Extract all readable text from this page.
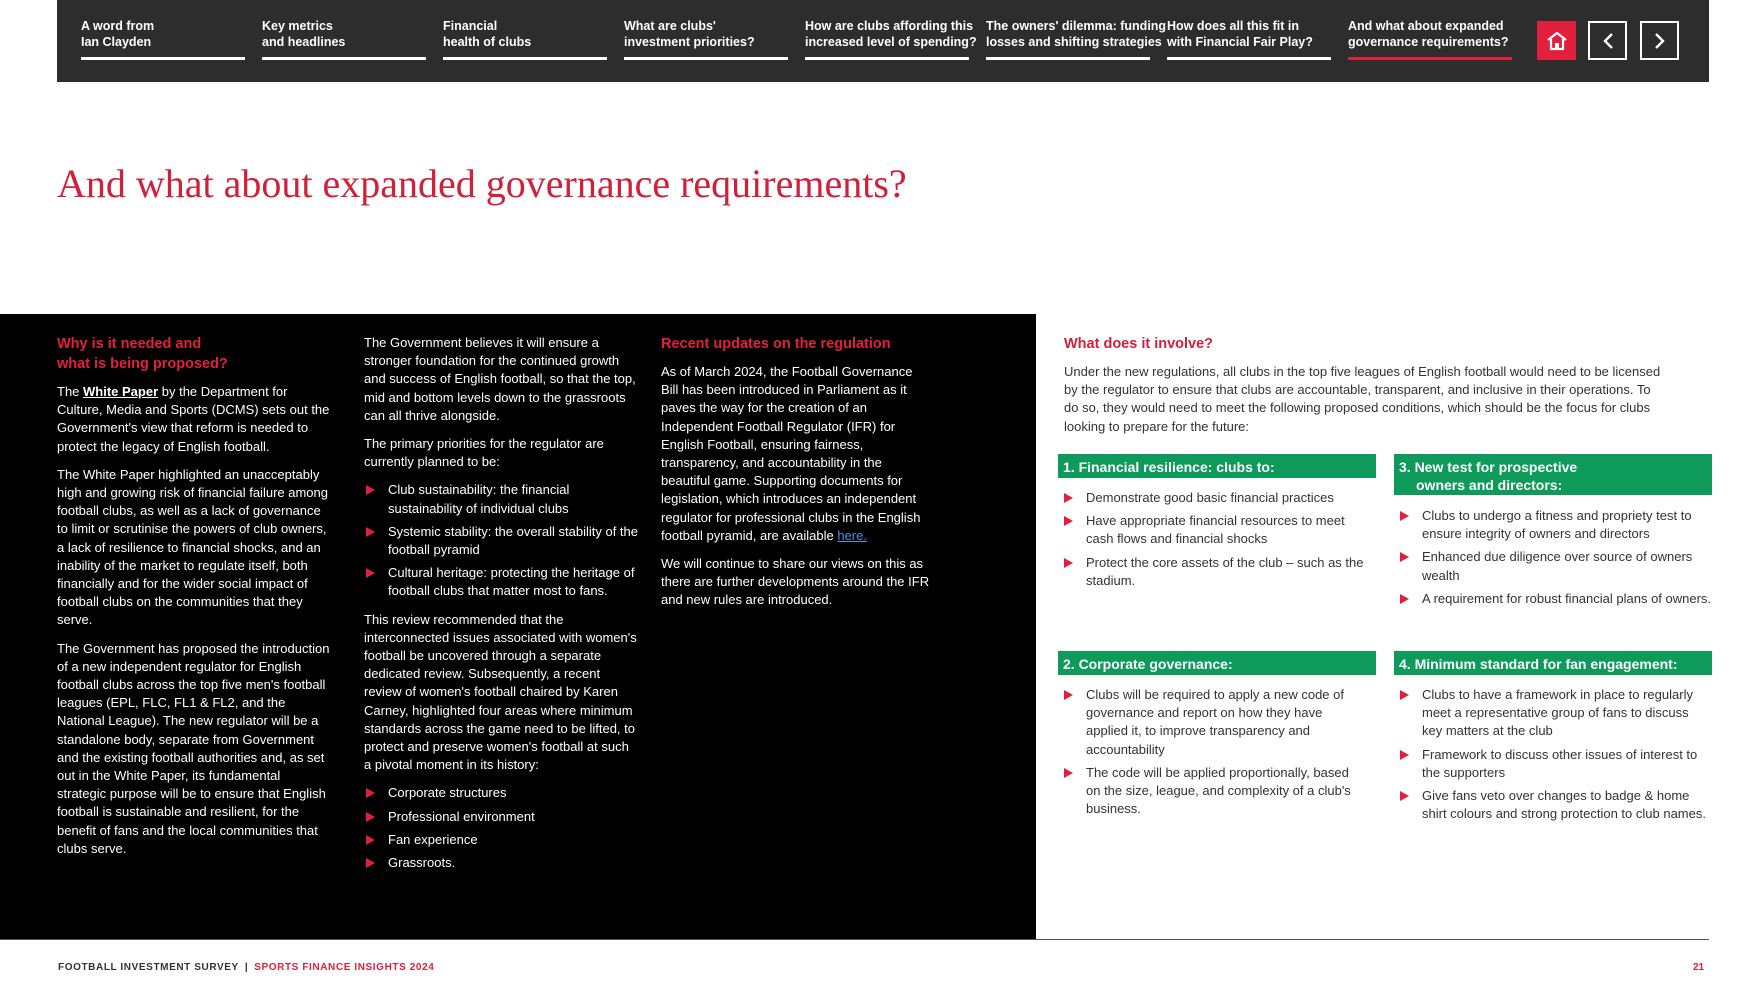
A word from
Ian Clayden
Key metrics
and headlines
Financial
health of clubs
What are clubs'
investment priorities?
How are clubs affording this
increased level of spending?
The owners' dilemma: funding
losses and shifting strategies
How does all this fit in
with Financial Fair Play?
And what about expanded
governance requirements?
And what about expanded governance requirements?
Why is it needed and
what is being proposed?

The White Paper by the Department for Culture, Media and Sports (DCMS) sets out the Government's view that reform is needed to protect the legacy of English football.

The White Paper highlighted an unacceptably high and growing risk of financial failure among football clubs, as well as a lack of governance to limit or scrutinise the powers of club owners, a lack of resilience to financial shocks, and an inability of the market to regulate itself, both financially and for the wider social impact of football clubs on the communities that they serve.

The Government has proposed the introduction of a new independent regulator for English football clubs across the top five men's football leagues (EPL, FLC, FL1 & FL2, and the National League). The new regulator will be a standalone body, separate from Government and the existing football authorities and, as set out in the White Paper, its fundamental strategic purpose will be to ensure that English football is sustainable and resilient, for the benefit of fans and the local communities that clubs serve.

The Government believes it will ensure a stronger foundation for the continued growth and success of English football, so that the top, mid and bottom levels down to the grassroots can all thrive alongside.

The primary priorities for the regulator are currently planned to be:

Club sustainability: the financial sustainability of individual clubs
Systemic stability: the overall stability of the football pyramid
Cultural heritage: protecting the heritage of football clubs that matter most to fans.

This review recommended that the interconnected issues associated with women's football be uncovered through a separate dedicated review. Subsequently, a recent review of women's football chaired by Karen Carney, highlighted four areas where minimum standards across the game need to be lifted, to protect and preserve women's football at such a pivotal moment in its history:

Corporate structures
Professional environment
Fan experience
Grassroots.
Recent updates on the regulation

As of March 2024, the Football Governance Bill has been introduced in Parliament as it paves the way for the creation of an Independent Football Regulator (IFR) for English Football, ensuring fairness, transparency, and accountability in the beautiful game. Supporting documents for legislation, which introduces an independent regulator for professional clubs in the English football pyramid, are available here.

We will continue to share our views on this as there are further developments around the IFR and new rules are introduced.

What does it involve?

Under the new regulations, all clubs in the top five leagues of English football would need to be licensed by the regulator to ensure that clubs are accountable, transparent, and inclusive in their operations. To do so, they would need to meet the following proposed conditions, which should be the focus for clubs looking to prepare for the future:

1. Financial resilience: clubs to:
Demonstrate good basic financial practices
Have appropriate financial resources to meet cash flows and financial shocks
Protect the core assets of the club – such as the stadium.
3. New test for prospective
owners and directors:
Clubs to undergo a fitness and propriety test to ensure integrity of owners and directors
Enhanced due diligence over source of owners wealth
A requirement for robust financial plans of owners.
2. Corporate governance:
Clubs will be required to apply a new code of governance and report on how they have applied it, to improve transparency and accountability
The code will be applied proportionally, based on the size, league, and complexity of a club's business.
4. Minimum standard for fan engagement:
Clubs to have a framework in place to regularly meet a representative group of fans to discuss key matters at the club
Framework to discuss other issues of interest to the supporters
Give fans veto over changes to badge & home shirt colours and strong protection to club names.
FOOTBALL INVESTMENT SURVEY | SPORTS FINANCE INSIGHTS 2024	21
